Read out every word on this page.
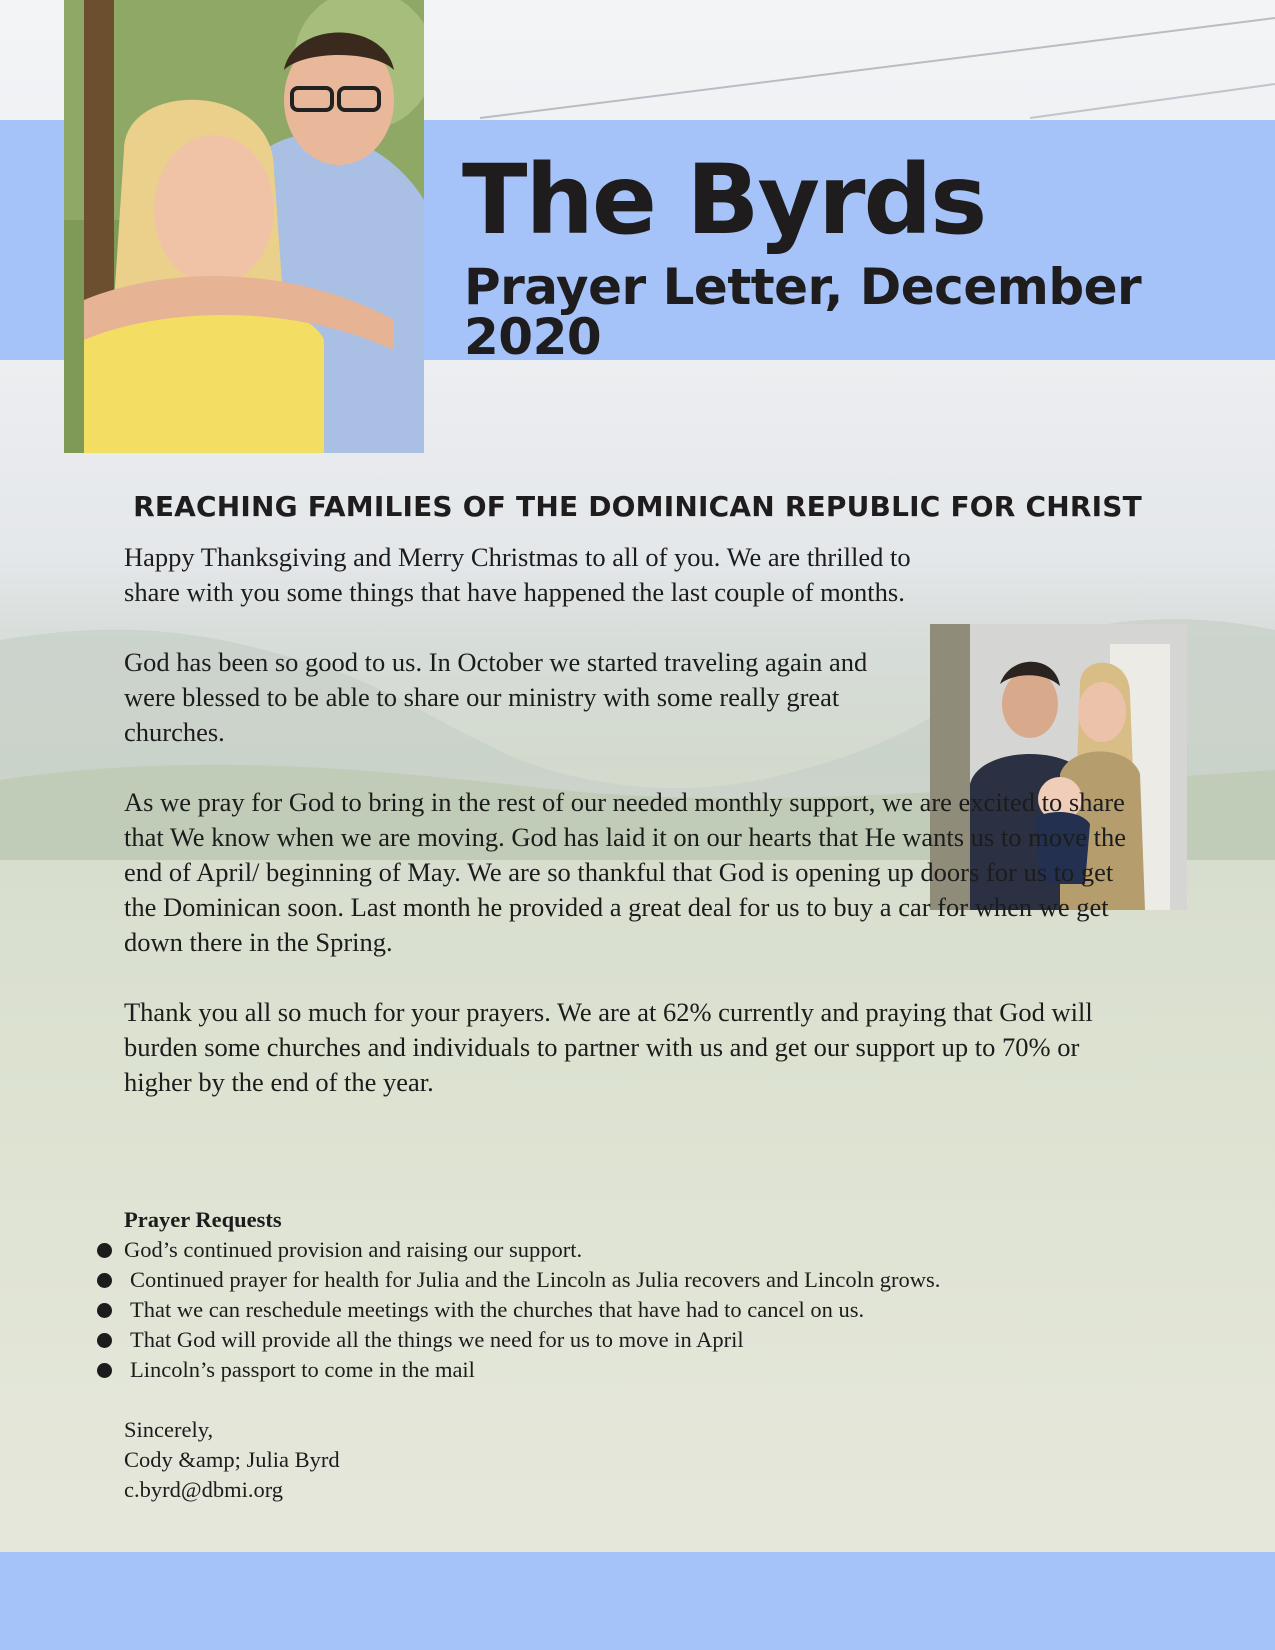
The Byrds
Prayer Letter, December 2020
REACHING FAMILIES OF THE DOMINICAN REPUBLIC FOR CHRIST

Happy Thanksgiving and Merry Christmas to all of you. We are thrilled to share with you some things that have happened the last couple of months.

God has been so good to us. In October we started traveling again and were blessed to be able to share our ministry with some really great churches.

As we pray for God to bring in the rest of our needed monthly support, we are excited to share that We know when we are moving. God has laid it on our hearts that He wants us to move the end of April/ beginning of May. We are so thankful that God is opening up doors for us to get the Dominican soon. Last month he provided a great deal for us to buy a car for when we get down there in the Spring.

Thank you all so much for your prayers. We are at 62% currently and praying that God will burden some churches and individuals to partner with us and get our support up to 70% or higher by the end of the year.

Prayer Requests
God’s continued provision and raising our support.
Continued prayer for health for Julia and the Lincoln as Julia recovers and Lincoln grows.
That we can reschedule meetings with the churches that have had to cancel on us.
That God will provide all the things we need for us to move in April
Lincoln’s passport to come in the mail
Sincerely,
Cody &amp; Julia Byrd
c.byrd@dbmi.org
